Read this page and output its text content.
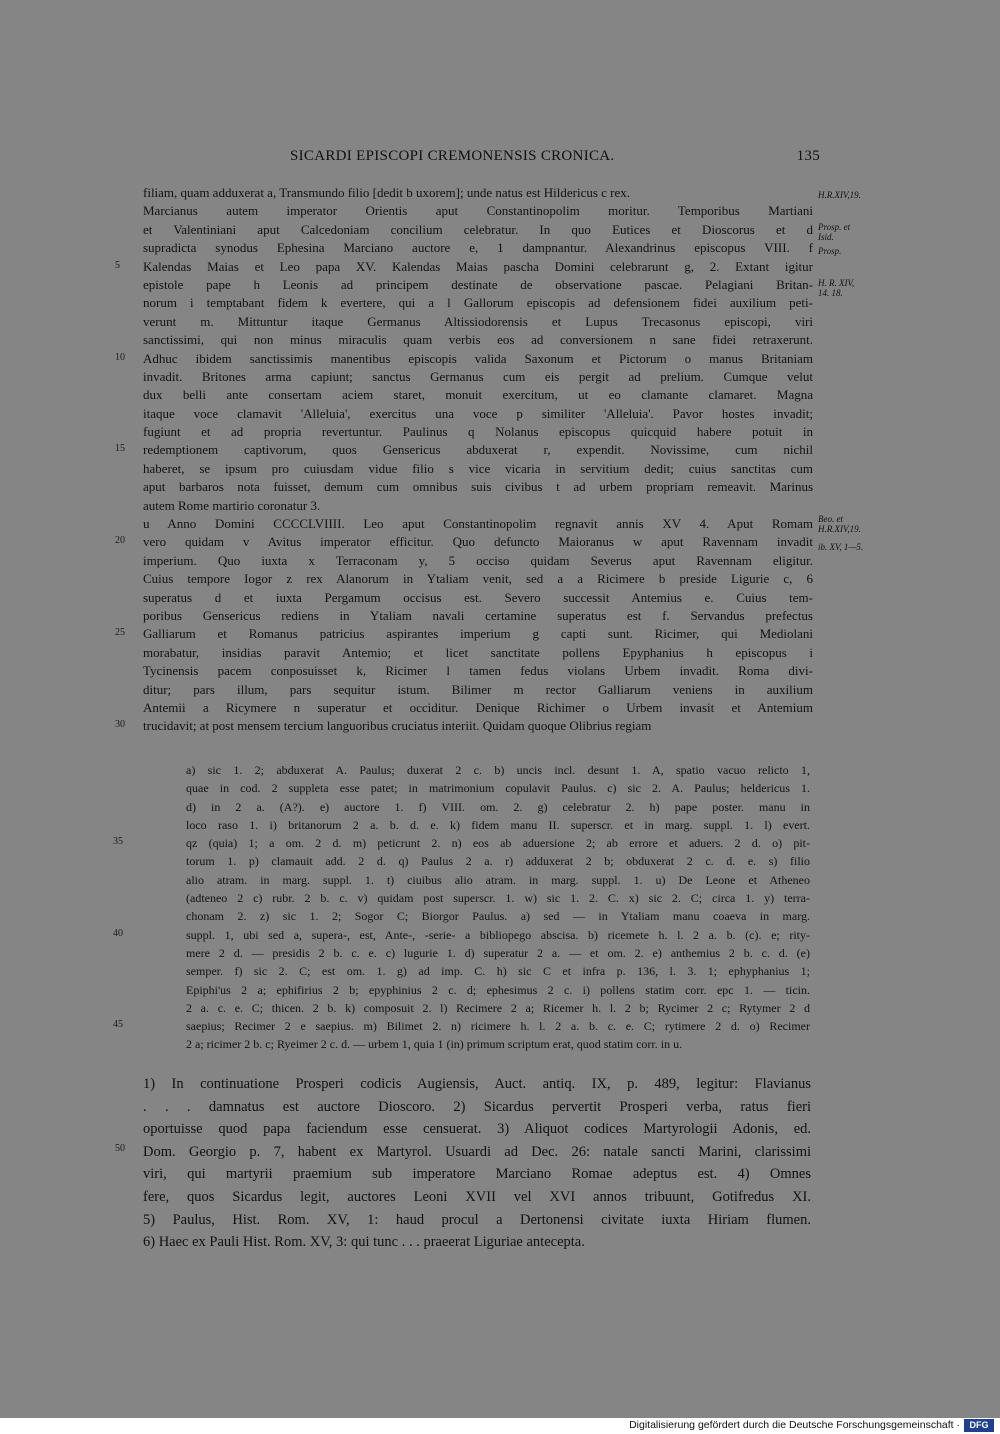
SICARDI EPISCOPI CREMONENSIS CRONICA.	135
filiam, quam adduxerat a, Transmundo filio [dedit b uxorem]; unde natus est Hildericus c rex.
Marcianus autem imperator Orientis aput Constantinopolim moritur. Temporibus Martiani
et Valentiniani aput Calcedoniam concilium celebratur. In quo Eutices et Dioscorus et d
supradicta synodus Ephesina Marciano auctore e, 1 dampnantur. Alexandrinus episcopus VIII. f
Kalendas Maias et Leo papa XV. Kalendas Maias pascha Domini celebrarunt g, 2. Extant igitur
epistole pape h Leonis ad principem destinate de observatione pascae. Pelagiani Britan-
norum i temptabant fidem k evertere, qui a l Gallorum episcopis ad defensionem fidei auxilium peti-
verunt m. Mittuntur itaque Germanus Altissiodorensis et Lupus Trecasonus episcopi, viri
sanctissimi, qui non minus miraculis quam verbis eos ad conversionem n sane fidei retraxerunt.
Adhuc ibidem sanctissimis manentibus episcopis valida Saxonum et Pictorum o manus Britaniam
invadit. Britones arma capiunt; sanctus Germanus cum eis pergit ad prelium. Cumque velut
dux belli ante consertam aciem staret, monuit exercitum, ut eo clamante clamaret. Magna
itaque voce clamavit 'Alleluia', exercitus una voce p similiter 'Alleluia'. Pavor hostes invadit;
fugiunt et ad propria revertuntur. Paulinus q Nolanus episcopus quicquid habere potuit in
redemptionem captivorum, quos Gensericus abduxerat r, expendit. Novissime, cum nichil
haberet, se ipsum pro cuiusdam vidue filio s vice vicaria in servitium dedit; cuius sanctitas cum
aput barbaros nota fuisset, demum cum omnibus suis civibus t ad urbem propriam remeavit. Marinus
autem Rome martirio coronatur 3.
u Anno Domini CCCCLVIIII. Leo aput Constantinopolim regnavit annis XV 4. Aput Romam
vero quidam v Avitus imperator efficitur. Quo defuncto Maioranus w aput Ravennam invadit
imperium. Quo iuxta x Terraconam y, 5 occiso quidam Severus aput Ravennam eligitur.
Cuius tempore Iogor z rex Alanorum in Ytaliam venit, sed a a Ricimere b preside Ligurie c, 6
superatus d et iuxta Pergamum occisus est. Severo successit Antemius e. Cuius tem-
poribus Gensericus rediens in Ytaliam navali certamine superatus est f. Servandus prefectus
Galliarum et Romanus patricius aspirantes imperium g capti sunt. Ricimer, qui Mediolani
morabatur, insidias paravit Antemio; et licet sanctitate pollens Epyphanius h episcopus i
Tycinensis pacem conposuisset k, Ricimer l tamen fedus violans Urbem invadit. Roma divi-
ditur; pars illum, pars sequitur istum. Bilimer m rector Galliarum veniens in auxilium
Antemii a Ricymere n superatur et occiditur. Denique Richimer o Urbem invasit et Antemium
trucidavit; at post mensem tercium languoribus cruciatus interiit. Quidam quoque Olibrius regiam
5
10
15
20
25
30
H.R.XIV,19.
Prosp. et
Isid.
Prosp.
H. R. XIV,
14. 18.
Beo. et
H.R.XIV,19.
ib. XV, 1—5.
a) sic 1. 2; abduxerat A. Paulus; duxerat 2 c. b) uncis incl. desunt 1. A, spatio vacuo relicto 1,
quae in cod. 2 suppleta esse patet; in matrimonium copulavit Paulus. c) sic 2. A. Paulus; heldericus 1.
d) in 2 a. (A?). e) auctore 1. f) VIII. om. 2. g) celebratur 2. h) pape poster. manu in
loco raso 1. i) britanorum 2 a. b. d. e. k) fidem manu II. superscr. et in marg. suppl. 1. l) evert.
qz (quia) 1; a om. 2 d. m) peticrunt 2. n) eos ab aduersione 2; ab errore et aduers. 2 d. o) pit-
torum 1. p) clamauit add. 2 d. q) Paulus 2 a. r) adduxerat 2 b; obduxerat 2 c. d. e. s) filio
alio atram. in marg. suppl. 1. t) ciuibus alio atram. in marg. suppl. 1. u) De Leone et Atheneo
(adteneo 2 c) rubr. 2 b. c. v) quidam post superscr. 1. w) sic 1. 2. C. x) sic 2. C; circa 1. y) terra-
chonam 2. z) sic 1. 2; Sogor C; Biorgor Paulus. a) sed — in Ytaliam manu coaeva in marg.
suppl. 1, ubi sed a, supera-, est, Ante-, -serie- a bibliopego abscisa. b) ricemete h. l. 2 a. b. (c). e; rity-
mere 2 d. — presidis 2 b. c. e. c) lugurie 1. d) superatur 2 a. — et om. 2. e) anthemius 2 b. c. d. (e)
semper. f) sic 2. C; est om. 1. g) ad imp. C. h) sic C et infra p. 136, l. 3. 1; ephyphanius 1;
Epiphi'us 2 a; ephifirius 2 b; epyphinius 2 c. d; ephesimus 2 c. i) pollens statim corr. epc 1. — ticin.
2 a. c. e. C; thicen. 2 b. k) composuit 2. l) Recimere 2 a; Ricemer h. l. 2 b; Rycimer 2 c; Rytymer 2 d
saepius; Recimer 2 e saepius. m) Bilimet 2. n) ricimere h. l. 2 a. b. c. e. C; rytimere 2 d. o) Recimer
2 a; ricimer 2 b. c; Ryeimer 2 c. d. — urbem 1, quia 1 (in) primum scriptum erat, quod statim corr. in u.
35
40
45
1) In continuatione Prosperi codicis Augiensis, Auct. antiq. IX, p. 489, legitur: Flavianus
. . . damnatus est auctore Dioscoro. 2) Sicardus pervertit Prosperi verba, ratus fieri
oportuisse quod papa faciendum esse censuerat. 3) Aliquot codices Martyrologii Adonis, ed.
Dom. Georgio p. 7, habent ex Martyrol. Usuardi ad Dec. 26: natale sancti Marini, clarissimi
viri, qui martyrii praemium sub imperatore Marciano Romae adeptus est. 4) Omnes
fere, quos Sicardus legit, auctores Leoni XVII vel XVI annos tribuunt, Gotifredus XI.
5) Paulus, Hist. Rom. XV, 1: haud procul a Dertonensi civitate iuxta Hiriam flumen.
6) Haec ex Pauli Hist. Rom. XV, 3: qui tunc . . . praeerat Liguriae antecepta.
50
Digitalisierung gefördert durch die Deutsche Forschungsgemeinschaft ·	DFG
